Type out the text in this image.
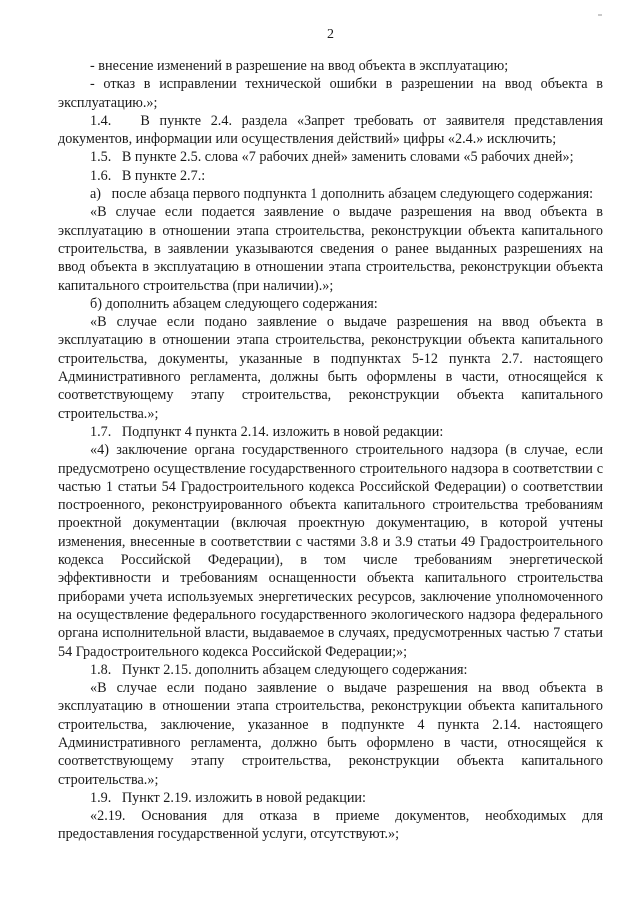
2

- внесение изменений в разрешение на ввод объекта в эксплуатацию;

- отказ в исправлении технической ошибки в разрешении на ввод объекта в эксплуатацию.»;

1.4.   В пункте 2.4. раздела «Запрет требовать от заявителя представления документов, информации или осуществления действий» цифры «2.4.» исключить;

1.5.   В пункте 2.5. слова «7 рабочих дней» заменить словами «5 рабочих дней»;

1.6.   В пункте 2.7.:

а)   после абзаца первого подпункта 1 дополнить абзацем следующего содержания:

«В случае если подается заявление о выдаче разрешения на ввод объекта в эксплуатацию в отношении этапа строительства, реконструкции объекта капитального строительства, в заявлении указываются сведения о ранее выданных разрешениях на ввод объекта в эксплуатацию в отношении этапа строительства, реконструкции объекта капитального строительства (при наличии).»;

б) дополнить абзацем следующего содержания:

«В случае если подано заявление о выдаче разрешения на ввод объекта в эксплуатацию в отношении этапа строительства, реконструкции объекта капитального строительства, документы, указанные в подпунктах 5-12 пункта 2.7. настоящего Административного регламента, должны быть оформлены в части, относящейся к соответствующему этапу строительства, реконструкции объекта капитального строительства.»;

1.7.   Подпункт 4 пункта 2.14. изложить в новой редакции:

«4) заключение органа государственного строительного надзора (в случае, если предусмотрено осуществление государственного строительного надзора в соответствии с частью 1 статьи 54 Градостроительного кодекса Российской Федерации) о соответствии построенного, реконструированного объекта капитального строительства требованиям проектной документации (включая проектную документацию, в которой учтены изменения, внесенные в соответствии с частями 3.8 и 3.9 статьи 49 Градостроительного кодекса Российской Федерации), в том числе требованиям энергетической эффективности и требованиям оснащенности объекта капитального строительства приборами учета используемых энергетических ресурсов, заключение уполномоченного на осуществление федерального государственного экологического надзора федерального органа исполнительной власти, выдаваемое в случаях, предусмотренных частью 7 статьи 54 Градостроительного кодекса Российской Федерации;»;

1.8.   Пункт 2.15. дополнить абзацем следующего содержания:

«В случае если подано заявление о выдаче разрешения на ввод объекта в эксплуатацию в отношении этапа строительства, реконструкции объекта капитального строительства, заключение, указанное в подпункте 4 пункта 2.14. настоящего Административного регламента, должно быть оформлено в части, относящейся к соответствующему этапу строительства, реконструкции объекта капитального строительства.»;

1.9.   Пункт 2.19. изложить в новой редакции:

«2.19. Основания для отказа в приеме документов, необходимых для предоставления государственной услуги, отсутствуют.»;
